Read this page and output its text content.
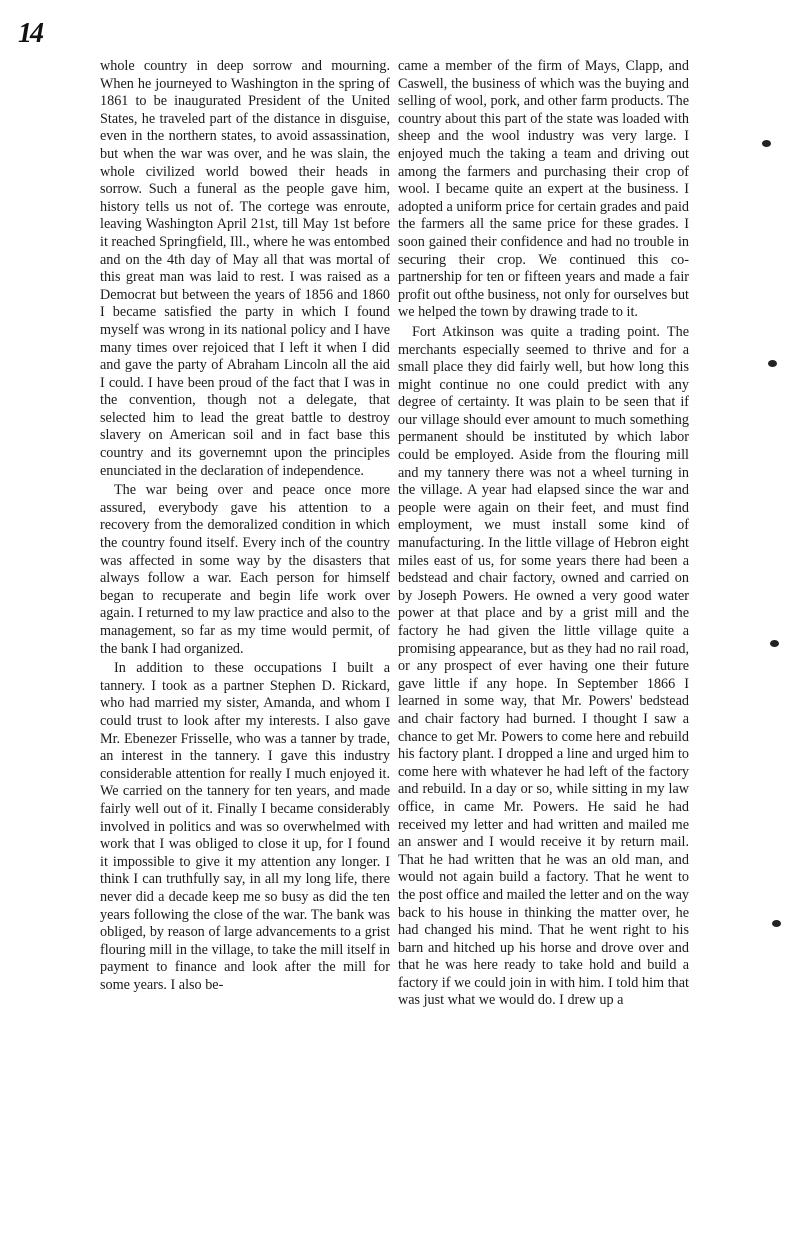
14

whole country in deep sorrow and mourning. When he journeyed to Washington in the spring of 1861 to be inaugurated President of the United States, he traveled part of the distance in disguise, even in the northern states, to avoid assassination, but when the war was over, and he was slain, the whole civilized world bowed their heads in sorrow. Such a funeral as the people gave him, history tells us not of. The cortege was enroute, leaving Washington April 21st, till May 1st before it reached Springfield, Ill., where he was entombed and on the 4th day of May all that was mortal of this great man was laid to rest. I was raised as a Democrat but between the years of 1856 and 1860 I became satisfied the party in which I found myself was wrong in its national policy and I have many times over rejoiced that I left it when I did and gave the party of Abraham Lincoln all the aid I could. I have been proud of the fact that I was in the convention, though not a delegate, that selected him to lead the great battle to destroy slavery on American soil and in fact base this country and its governemnt upon the principles enunciated in the declaration of independence.

The war being over and peace once more assured, everybody gave his attention to a recovery from the demoralized condition in which the country found itself. Every inch of the country was affected in some way by the disasters that always follow a war. Each person for himself began to recuperate and begin life work over again. I returned to my law practice and also to the management, so far as my time would permit, of the bank I had organized.

In addition to these occupations I built a tannery. I took as a partner Stephen D. Rickard, who had married my sister, Amanda, and whom I could trust to look after my interests. I also gave Mr. Ebenezer Frisselle, who was a tanner by trade, an interest in the tannery. I gave this industry considerable attention for really I much enjoyed it. We carried on the tannery for ten years, and made fairly well out of it. Finally I became considerably involved in politics and was so overwhelmed with work that I was obliged to close it up, for I found it impossible to give it my attention any longer. I think I can truthfully say, in all my long life, there never did a decade keep me so busy as did the ten years following the close of the war. The bank was obliged, by reason of large advancements to a grist flouring mill in the village, to take the mill itself in payment to finance and look after the mill for some years. I also be-

came a member of the firm of Mays, Clapp, and Caswell, the business of which was the buying and selling of wool, pork, and other farm products. The country about this part of the state was loaded with sheep and the wool industry was very large. I enjoyed much the taking a team and driving out among the farmers and purchasing their crop of wool. I became quite an expert at the business. I adopted a uniform price for certain grades and paid the farmers all the same price for these grades. I soon gained their confidence and had no trouble in securing their crop. We continued this co-partnership for ten or fifteen years and made a fair profit out ofthe business, not only for ourselves but we helped the town by drawing trade to it.

Fort Atkinson was quite a trading point. The merchants especially seemed to thrive and for a small place they did fairly well, but how long this might continue no one could predict with any degree of certainty. It was plain to be seen that if our village should ever amount to much something permanent should be instituted by which labor could be employed. Aside from the flouring mill and my tannery there was not a wheel turning in the village. A year had elapsed since the war and people were again on their feet, and must find employment, we must install some kind of manufacturing. In the little village of Hebron eight miles east of us, for some years there had been a bedstead and chair factory, owned and carried on by Joseph Powers. He owned a very good water power at that place and by a grist mill and the factory he had given the little village quite a promising appearance, but as they had no rail road, or any prospect of ever having one their future gave little if any hope. In September 1866 I learned in some way, that Mr. Powers' bedstead and chair factory had burned. I thought I saw a chance to get Mr. Powers to come here and rebuild his factory plant. I dropped a line and urged him to come here with whatever he had left of the factory and rebuild. In a day or so, while sitting in my law office, in came Mr. Powers. He said he had received my letter and had written and mailed me an answer and I would receive it by return mail. That he had written that he was an old man, and would not again build a factory. That he went to the post office and mailed the letter and on the way back to his house in thinking the matter over, he had changed his mind. That he went right to his barn and hitched up his horse and drove over and that he was here ready to take hold and build a factory if we could join in with him. I told him that was just what we would do. I drew up a
